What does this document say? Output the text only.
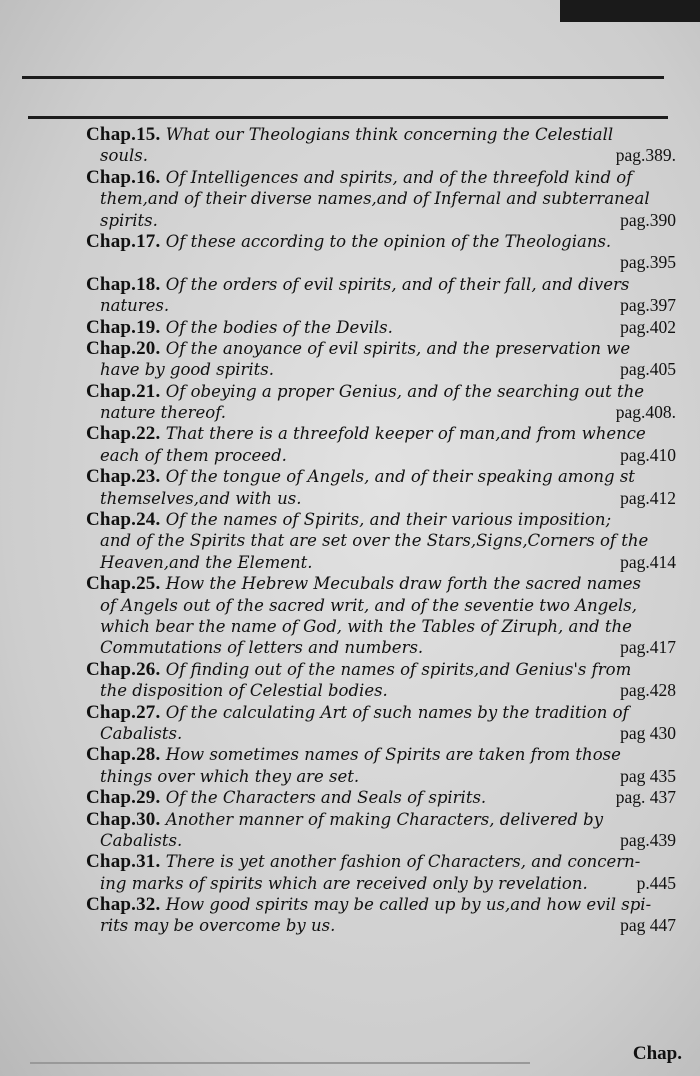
Chap.15. What our Theologians think concerning the Celestiall
souls.	pag.389.
Chap.16. Of Intelligences and spirits, and of the threefold kind of
them,and of their diverse names,and of Infernal and subterraneal
spirits.	pag.390
Chap.17. Of these according to the opinion of the Theologians.
pag.395
Chap.18. Of the orders of evil spirits, and of their fall, and divers
natures.	pag.397
Chap.19. Of the bodies of the Devils.	pag.402
Chap.20. Of the anoyance of evil spirits, and the preservation we
have by good spirits.	pag.405
Chap.21. Of obeying a proper Genius, and of the searching out the
nature thereof.	pag.408.
Chap.22. That there is a threefold keeper of man,and from whence
each of them proceed.	pag.410
Chap.23. Of the tongue of Angels, and of their speaking among st
themselves,and with us.	pag.412
Chap.24. Of the names of Spirits, and their various imposition;
and of the Spirits that are set over the Stars,Signs,Corners of the
Heaven,and the Element.	pag.414
Chap.25. How the Hebrew Mecubals draw forth the sacred names
of Angels out of the sacred writ, and of the seventie two Angels,
which bear the name of God, with the Tables of Ziruph, and the
Commutations of letters and numbers.	pag.417
Chap.26. Of finding out of the names of spirits,and Genius's from
the disposition of Celestial bodies.	pag.428
Chap.27. Of the calculating Art of such names by the tradition of
Cabalists.	pag 430
Chap.28. How sometimes names of Spirits are taken from those
things over which they are set.	pag 435
Chap.29. Of the Characters and Seals of spirits.	pag. 437
Chap.30. Another manner of making Characters, delivered by
Cabalists.	pag.439
Chap.31. There is yet another fashion of Characters, and concern-
ing marks of spirits which are received only by revelation.	p.445
Chap.32. How good spirits may be called up by us,and how evil spi-
rits may be overcome by us.	pag 447
Chap.
